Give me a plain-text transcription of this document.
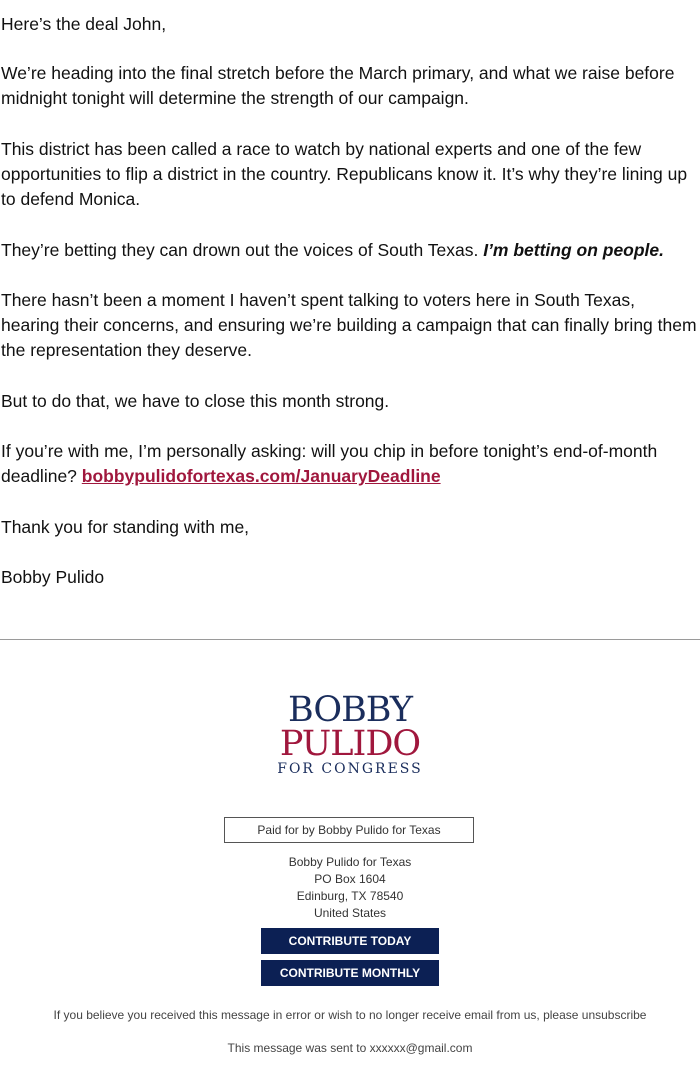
Here’s the deal John,

We’re heading into the final stretch before the March primary, and what we raise before midnight tonight will determine the strength of our campaign.

This district has been called a race to watch by national experts and one of the few opportunities to flip a district in the country. Republicans know it. It’s why they’re lining up to defend Monica.

They’re betting they can drown out the voices of South Texas. I’m betting on people.

There hasn’t been a moment I haven’t spent talking to voters here in South Texas, hearing their concerns, and ensuring we’re building a campaign that can finally bring them the representation they deserve.

But to do that, we have to close this month strong.

If you’re with me, I’m personally asking: will you chip in before tonight’s end-of-month deadline? bobbypulidofortexas.com/JanuaryDeadline

Thank you for standing with me,

Bobby Pulido

BOBBY
PULIDO
FOR CONGRESS
Paid for by Bobby Pulido for Texas
Bobby Pulido for Texas
PO Box 1604
Edinburg, TX 78540
United States
CONTRIBUTE TODAY
CONTRIBUTE MONTHLY
If you believe you received this message in error or wish to no longer receive email from us, please unsubscribe
This message was sent to xxxxxx@gmail.com
